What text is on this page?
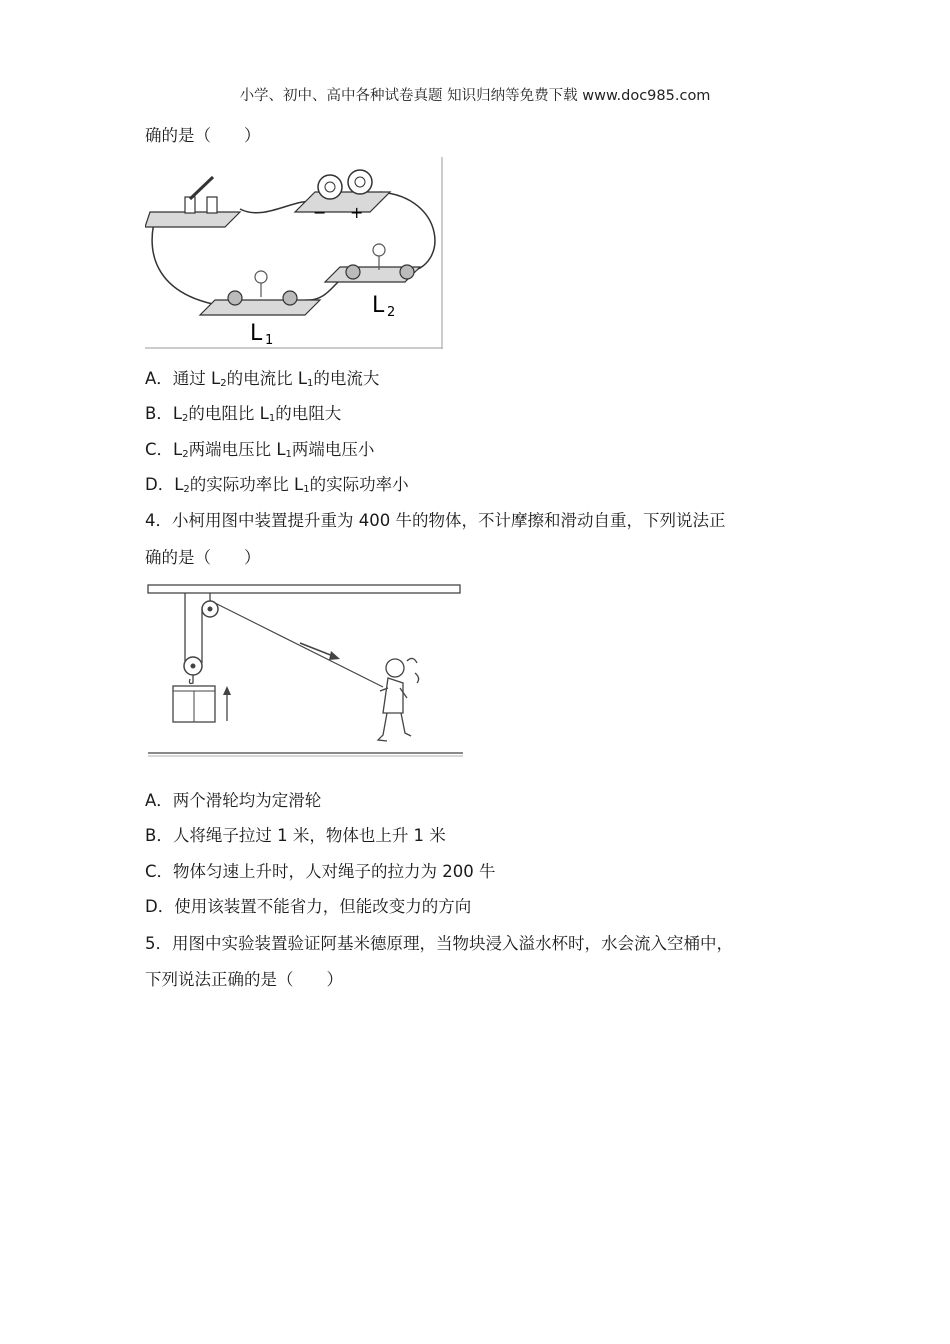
小学、初中、高中各种试卷真题 知识归纳等免费下载 www.doc985.com
确的是（　　）
− +
L 1
L 2
A．通过 $L_2$的电流比 $L_1$的电流大
B．$L_2$的电阻比 $L_1$的电阻大
C．$L_2$两端电压比 $L_1$两端电压小
D．$L_2$的实际功率比 $L_1$的实际功率小
4．小柯用图中装置提升重为 400 牛的物体，不计摩擦和滑动自重，下列说法正
确的是（　　）
A．两个滑轮均为定滑轮
B．人将绳子拉过 1 米，物体也上升 1 米
C．物体匀速上升时，人对绳子的拉力为 200 牛
D．使用该装置不能省力，但能改变力的方向
5．用图中实验装置验证阿基米德原理，当物块浸入溢水杯时，水会流入空桶中，
下列说法正确的是（　　）
